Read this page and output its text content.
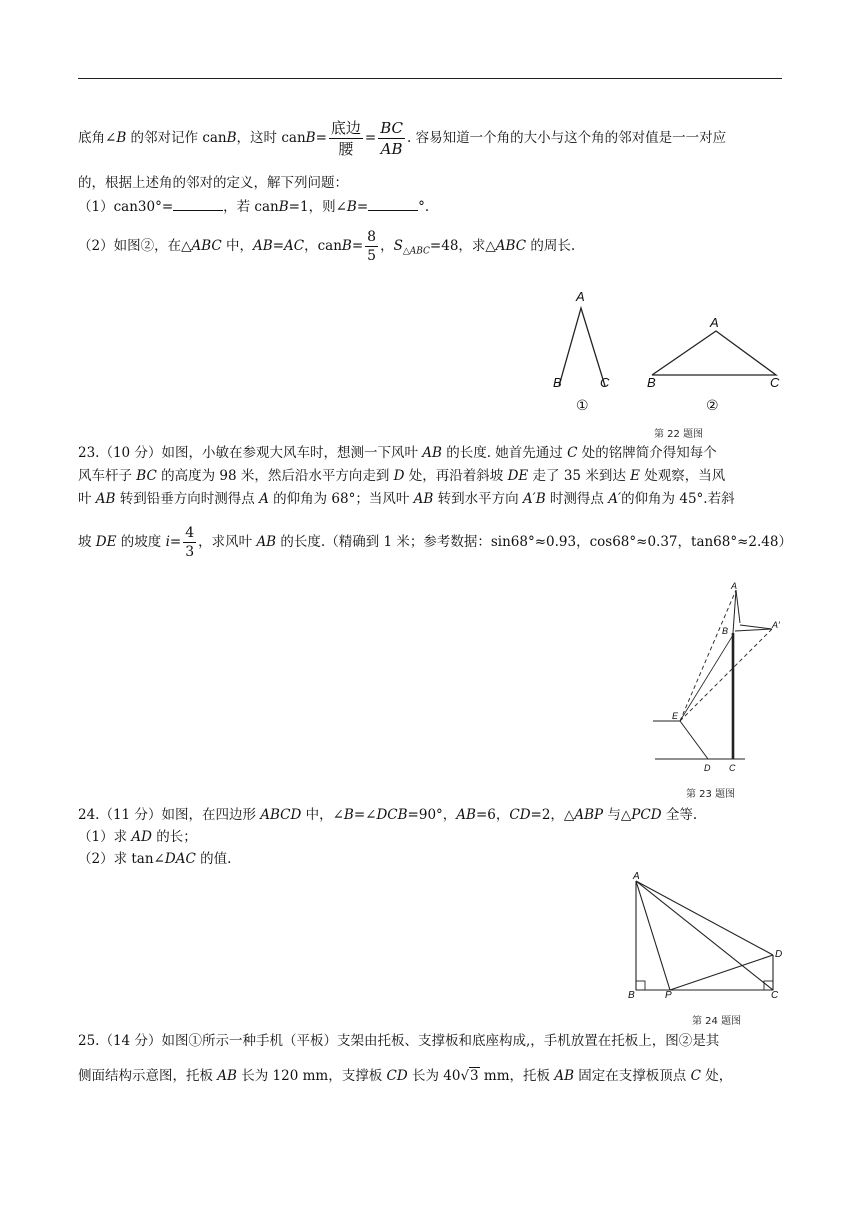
底角∠B 的邻对记作 canB，这时 canB= $\frac{\text{底边}}{\text{腰}} = \frac{BC}{AB}$ . 容易知道一个角的大小与这个角的邻对值是一一对应
的，根据上述角的邻对的定义，解下列问题：
（1）can30°=	，若 canB=1，则∠B=	°.
（2）如图②，在△ABC 中，AB=AC，canB= $\frac{8}{5}$ ，$S_{\triangle ABC}=48$，求△ABC 的周长.
A
B	C
①
A
B	C
②
第 22 题图
23.（10 分）如图，小敏在参观大风车时，想测一下风叶 AB 的长度. 她首先通过 C 处的铭牌简介得知每个
风车杆子 BC 的高度为 98 米，然后沿水平方向走到 D 处，再沿着斜坡 DE 走了 35 米到达 E 处观察，当风
叶 AB 转到铅垂方向时测得点 A 的仰角为 68°；当风叶 AB 转到水平方向 A′B 时测得点 A′的仰角为 45°.若斜
坡 DE 的坡度 $i= \frac{4}{3}$ ，求风叶 AB 的长度.（精确到 1 米；参考数据：sin68°≈0.93，cos68°≈0.37，tan68°≈2.48）
A
B
A′
E
D C
第 23 题图
24.（11 分）如图，在四边形 ABCD 中，∠B=∠DCB=90°，AB=6，CD=2，△ABP 与△PCD 全等.
（1）求 AD 的长；
（2）求 tan∠DAC 的值.
A
B	P	C
D
第 24 题图
25.（14 分）如图①所示一种手机（平板）支架由托板、支撑板和底座构成,，手机放置在托板上，图②是其
侧面结构示意图，托板 AB 长为 120 mm，支撑板 CD 长为 40√3 mm，托板 AB 固定在支撑板顶点 C 处，
